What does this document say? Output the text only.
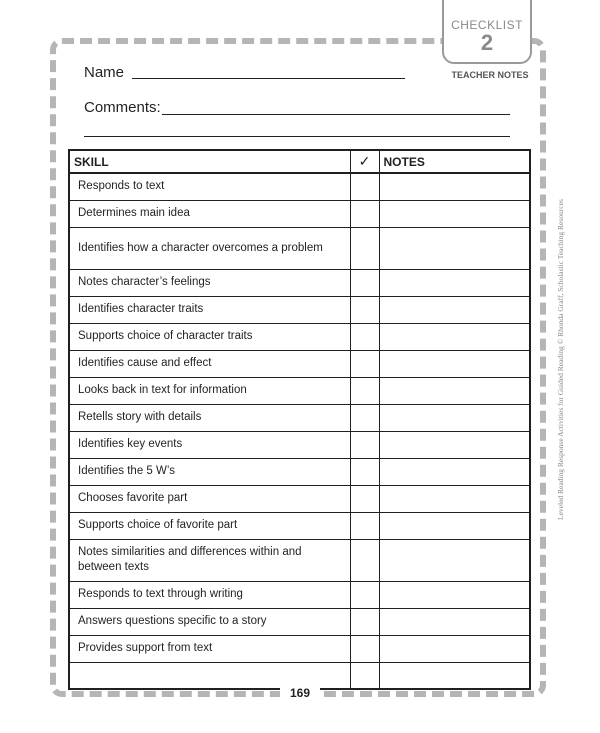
CHECKLIST
2
TEACHER NOTES
Name
Comments:
SKILL	✓	NOTES
Responds to text		
Determines main idea		
Identifies how a character overcomes a problem		
Notes character’s feelings		
Identifies character traits		
Supports choice of character traits		
Identifies cause and effect		
Looks back in text for information		
Retells story with details		
Identifies key events		
Identifies the 5 W’s		
Chooses favorite part		
Supports choice of favorite part		
Notes similarities and differences within and between texts		
Responds to text through writing		
Answers questions specific to a story		
Provides support from text		

Leveled Reading Response Activities for Guided Reading © Rhonda Graff, Scholastic Teaching Resources
169
